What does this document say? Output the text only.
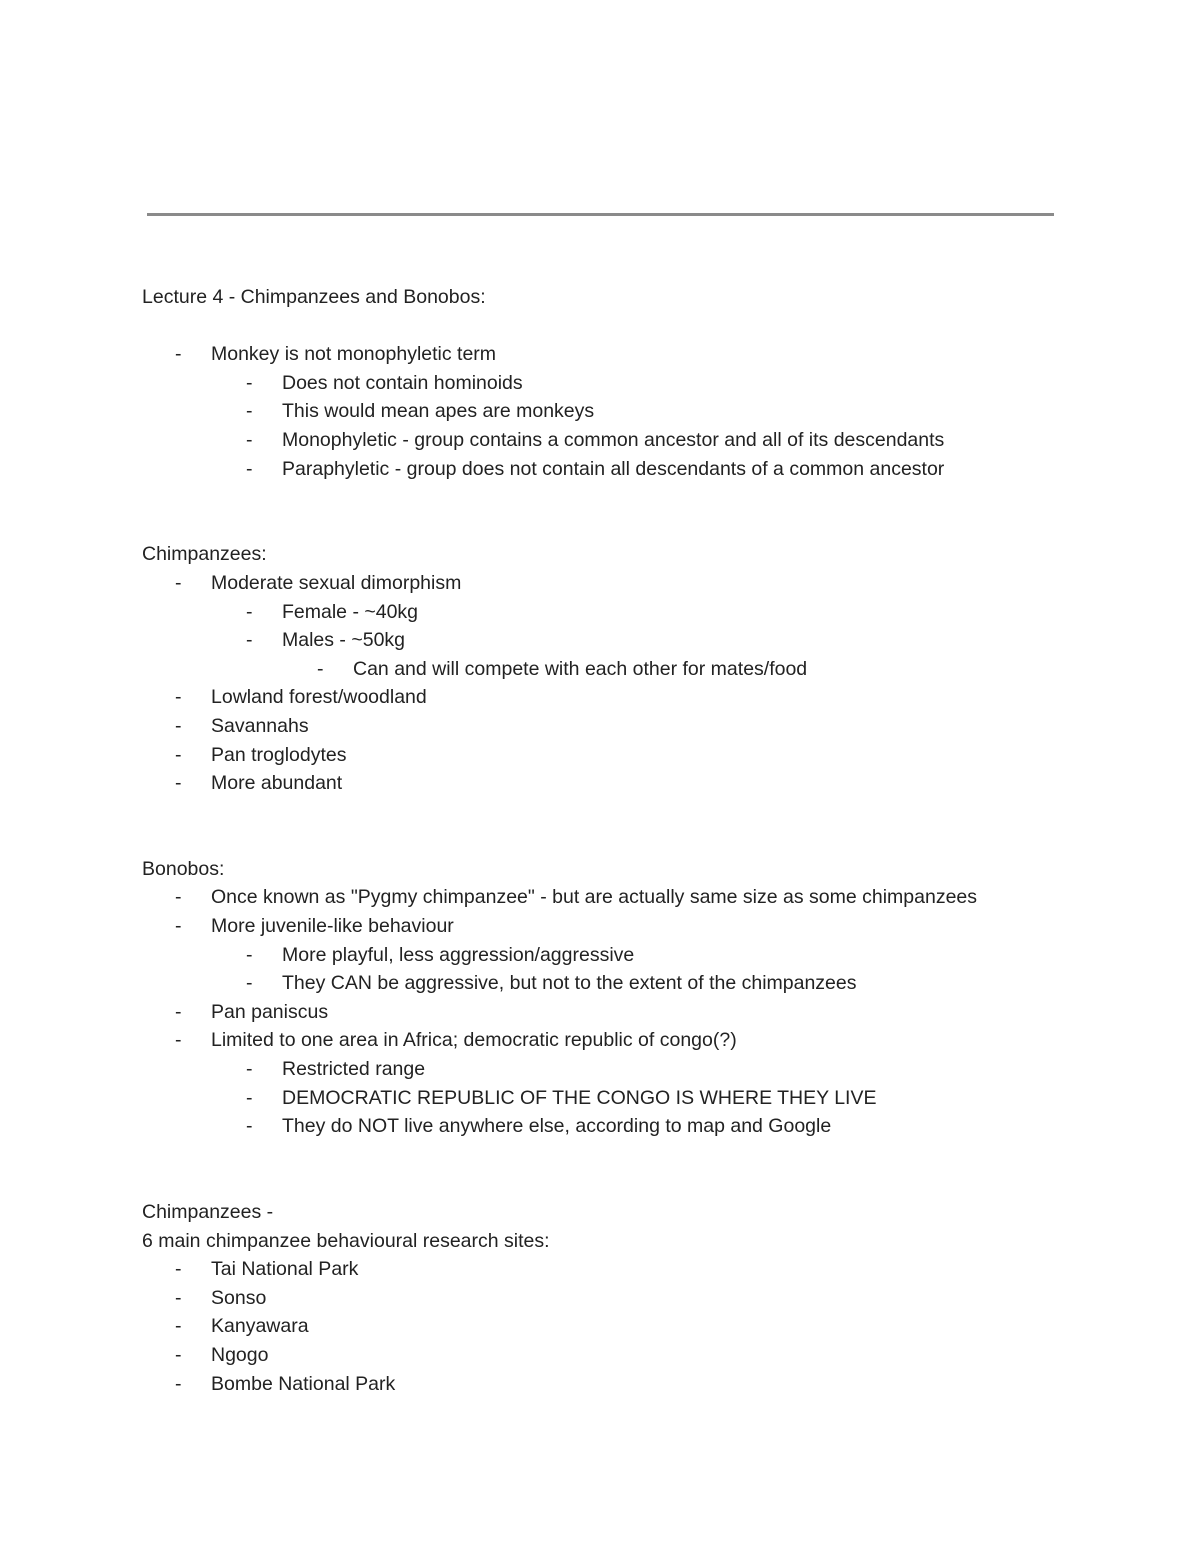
Lecture 4 - Chimpanzees and Bonobos:
- Monkey is not monophyletic term
- Does not contain hominoids
- This would mean apes are monkeys
- Monophyletic - group contains a common ancestor and all of its descendants
- Paraphyletic - group does not contain all descendants of a common ancestor
Chimpanzees:
- Moderate sexual dimorphism
- Female - ~40kg
- Males - ~50kg
- Can and will compete with each other for mates/food
- Lowland forest/woodland
- Savannahs
- Pan troglodytes
- More abundant
Bonobos:
- Once known as "Pygmy chimpanzee" - but are actually same size as some chimpanzees
- More juvenile-like behaviour
- More playful, less aggression/aggressive
- They CAN be aggressive, but not to the extent of the chimpanzees
- Pan paniscus
- Limited to one area in Africa; democratic republic of congo(?)
- Restricted range
- DEMOCRATIC REPUBLIC OF THE CONGO IS WHERE THEY LIVE
- They do NOT live anywhere else, according to map and Google
Chimpanzees -
6 main chimpanzee behavioural research sites:
- Tai National Park
- Sonso
- Kanyawara
- Ngogo
- Bombe National Park
